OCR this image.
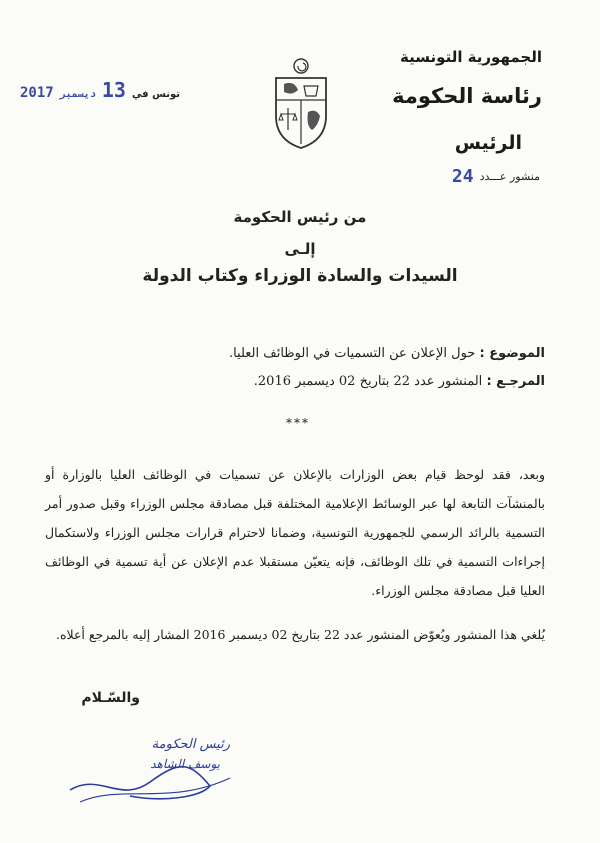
الجمهورية التونسية
رئاسة الحكومة
الرئيس
منشور عـــدد
24
تونس في
13
ديسمبر
2017
من رئيس الحكومة
إلـى
السيدات والسادة الوزراء وكتاب الدولة
الموضوع : حول الإعلان عن التسميات في الوظائف العليا.
المرجـع : المنشور عدد 22 بتاريخ 02 ديسمبر 2016.
***

وبعد، فقد لوحظ قيام بعض الوزارات بالإعلان عن تسميات في الوظائف العليا بالوزارة أو بالمنشآت التابعة لها عبر الوسائط الإعلامية المختلفة قبل مصادقة مجلس الوزراء وقبل صدور أمر التسمية بالرائد الرسمي للجمهورية التونسية، وضمانا لاحترام قرارات مجلس الوزراء ولاستكمال إجراءات التسمية في تلك الوظائف، فإنه يتعيّن مستقبلا عدم الإعلان عن أية تسمية في الوظائف العليا قبل مصادقة مجلس الوزراء.

يُلغي هذا المنشور ويُعوّض المنشور عدد 22 بتاريخ 02 ديسمبر 2016 المشار إليه بالمرجع أعلاه.

والسّـلام
رئيس الحكومة
يوسف الشاهد
